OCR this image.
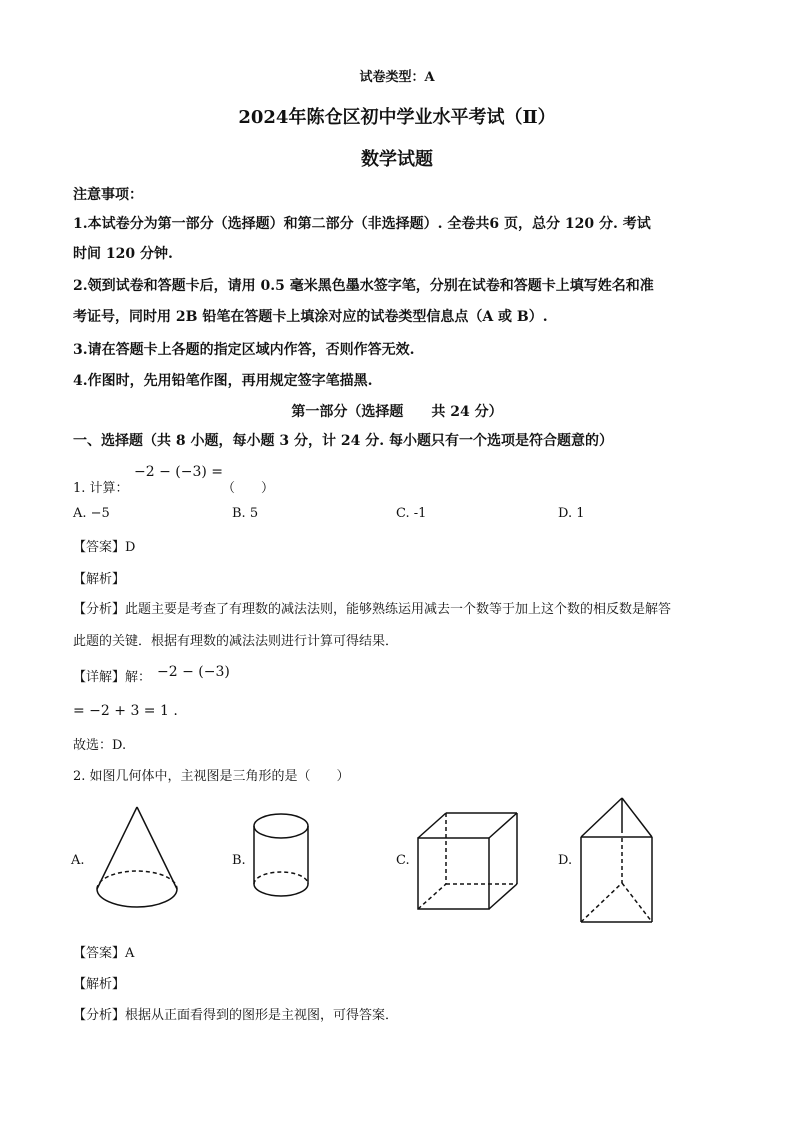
试卷类型：A
2024年陈仓区初中学业水平考试（Ⅱ）
数学试题
注意事项：
1.本试卷分为第一部分（选择题）和第二部分（非选择题）. 全卷共6 页，总分 120 分. 考试
时间 120 分钟.
2.领到试卷和答题卡后，请用 0.5 毫米黑色墨水签字笔，分别在试卷和答题卡上填写姓名和准
考证号，同时用 2B 铅笔在答题卡上填涂对应的试卷类型信息点（A 或 B）.
3.请在答题卡上各题的指定区域内作答，否则作答无效.
4.作图时，先用铅笔作图，再用规定签字笔描黑.
第一部分（选择题　　共 24 分）
一、选择题（共 8 小题，每小题 3 分，计 24 分. 每小题只有一个选项是符合题意的）
1. 计算：
−2 − (−3) =
（　　）
A. −5	B. 5	C. -1	D. 1
【答案】D
【解析】
【分析】此题主要是考查了有理数的减法法则，能够熟练运用减去一个数等于加上这个数的相反数是解答
此题的关键．根据有理数的减法法则进行计算可得结果．
【详解】解： −2 − (−3)
= −2 + 3 = 1 .
故选：D.
2. 如图几何体中，主视图是三角形的是（　　）
A.	B.	C.	D.
【答案】A
【解析】
【分析】根据从正面看得到的图形是主视图，可得答案．
